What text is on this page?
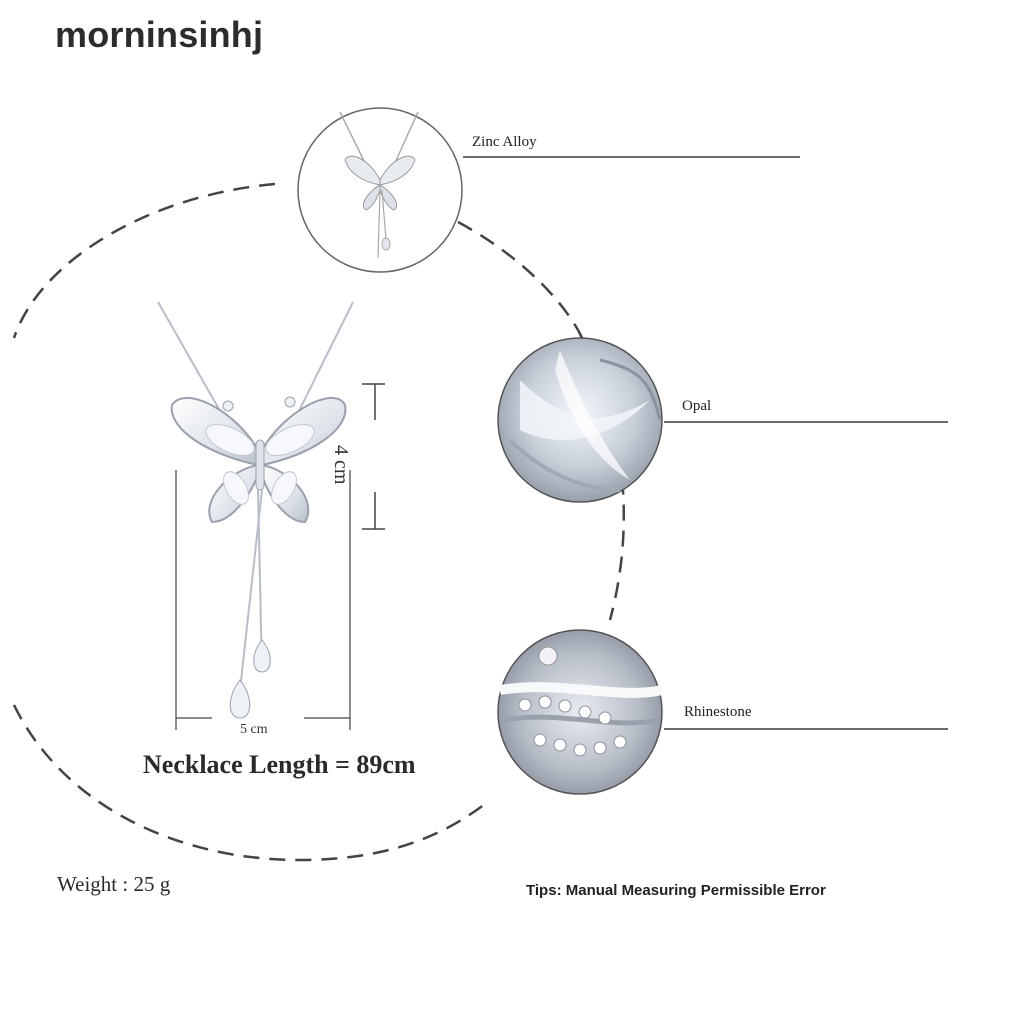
morninsinhj
Zinc Alloy
Opal
Rhinestone
4 cm
5 cm
Necklace Length = 89cm
Weight : 25 g	Tips: Manual Measuring Permissible Error
